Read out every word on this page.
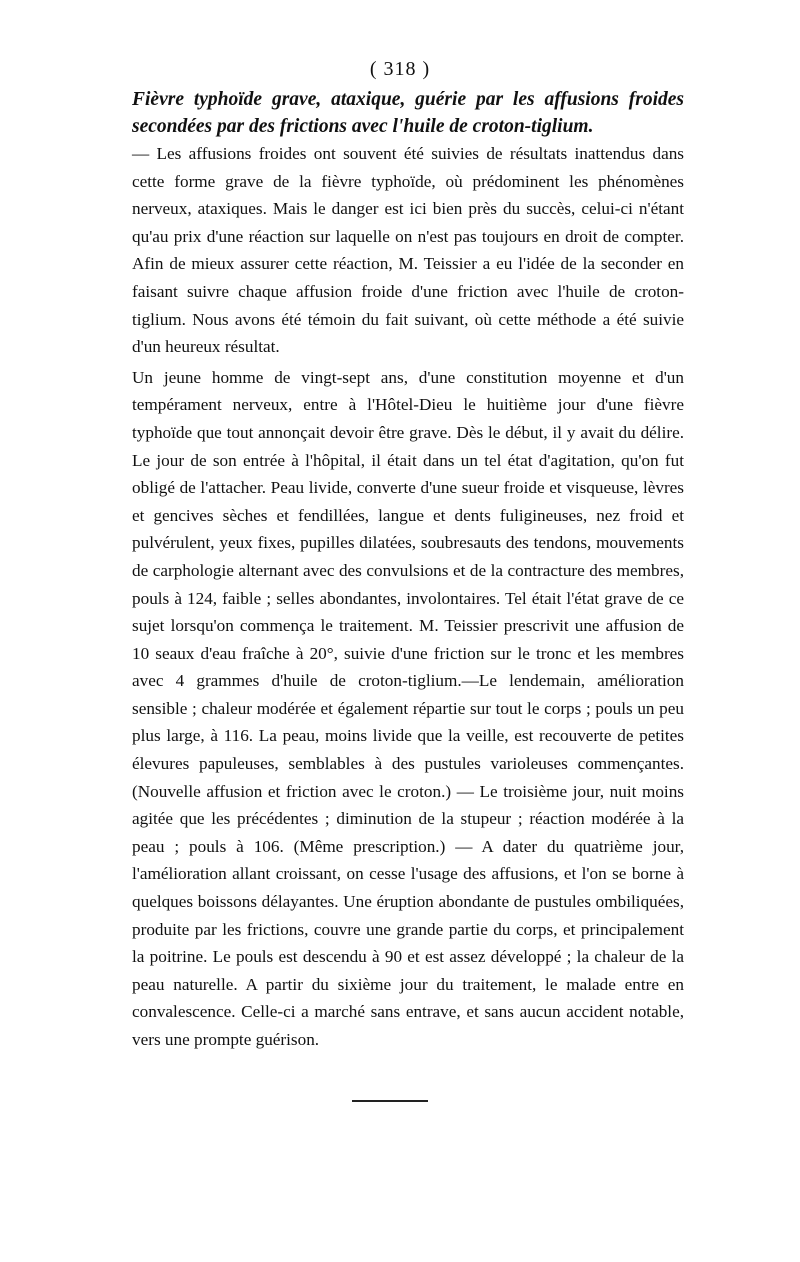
( 318 )

Fièvre typhoïde grave, ataxique, guérie par les affusions froides secondées par des frictions avec l'huile de croton-tiglium.

— Les affusions froides ont souvent été suivies de résultats inattendus dans cette forme grave de la fièvre typhoïde, où prédominent les phénomènes nerveux, ataxiques. Mais le danger est ici bien près du succès, celui-ci n'étant qu'au prix d'une réaction sur laquelle on n'est pas toujours en droit de compter. Afin de mieux assurer cette réaction, M. Teissier a eu l'idée de la seconder en faisant suivre chaque affusion froide d'une friction avec l'huile de croton-tiglium. Nous avons été témoin du fait suivant, où cette méthode a été suivie d'un heureux résultat.

Un jeune homme de vingt-sept ans, d'une constitution moyenne et d'un tempérament nerveux, entre à l'Hôtel-Dieu le huitième jour d'une fièvre typhoïde que tout annonçait devoir être grave. Dès le début, il y avait du délire. Le jour de son entrée à l'hôpital, il était dans un tel état d'agitation, qu'on fut obligé de l'attacher. Peau livide, converte d'une sueur froide et visqueuse, lèvres et gencives sèches et fendillées, langue et dents fuligineuses, nez froid et pulvérulent, yeux fixes, pupilles dilatées, soubresauts des tendons, mouvements de carphologie alternant avec des convulsions et de la contracture des membres, pouls à 124, faible ; selles abondantes, involontaires. Tel était l'état grave de ce sujet lorsqu'on commença le traitement. M. Teissier prescrivit une affusion de 10 seaux d'eau fraîche à 20°, suivie d'une friction sur le tronc et les membres avec 4 grammes d'huile de croton-tiglium.—Le lendemain, amélioration sensible ; chaleur modérée et également répartie sur tout le corps ; pouls un peu plus large, à 116. La peau, moins livide que la veille, est recouverte de petites élevures papuleuses, semblables à des pustules varioleuses commençantes. (Nouvelle affusion et friction avec le croton.) — Le troisième jour, nuit moins agitée que les précédentes ; diminution de la stupeur ; réaction modérée à la peau ; pouls à 106. (Même prescription.) — A dater du quatrième jour, l'amélioration allant croissant, on cesse l'usage des affusions, et l'on se borne à quelques boissons délayantes. Une éruption abondante de pustules ombiliquées, produite par les frictions, couvre une grande partie du corps, et principalement la poitrine. Le pouls est descendu à 90 et est assez développé ; la chaleur de la peau naturelle. A partir du sixième jour du traitement, le malade entre en convalescence. Celle-ci a marché sans entrave, et sans aucun accident notable, vers une prompte guérison.
